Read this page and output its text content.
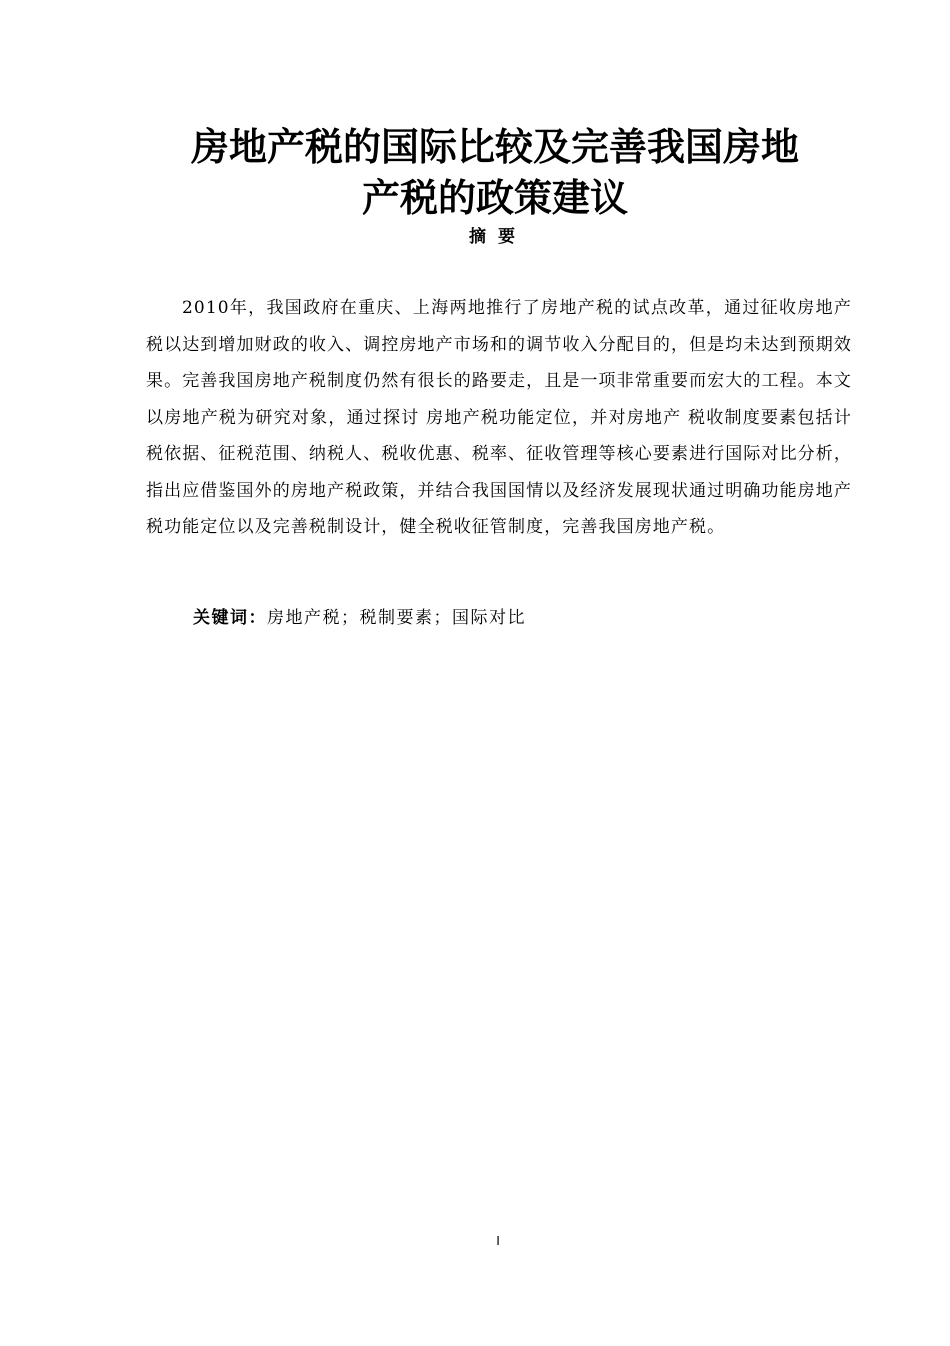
房地产税的国际比较及完善我国房地
产税的政策建议
摘要

2010年，我国政府在重庆、上海两地推行了房地产税的试点改革，通过征收房地产税以达到增加财政的收入、调控房地产市场和的调节收入分配目的，但是均未达到预期效果。完善我国房地产税制度仍然有很长的路要走，且是一项非常重要而宏大的工程。本文以房地产税为研究对象，通过探讨 房地产税功能定位，并对房地产 税收制度要素包括计税依据、征税范围、纳税人、税收优惠、税率、征收管理等核心要素进行国际对比分析，指出应借鉴国外的房地产税政策，并结合我国国情以及经济发展现状通过明确功能房地产税功能定位以及完善税制设计，健全税收征管制度，完善我国房地产税。

关键词：房地产税；税制要素；国际对比

I
